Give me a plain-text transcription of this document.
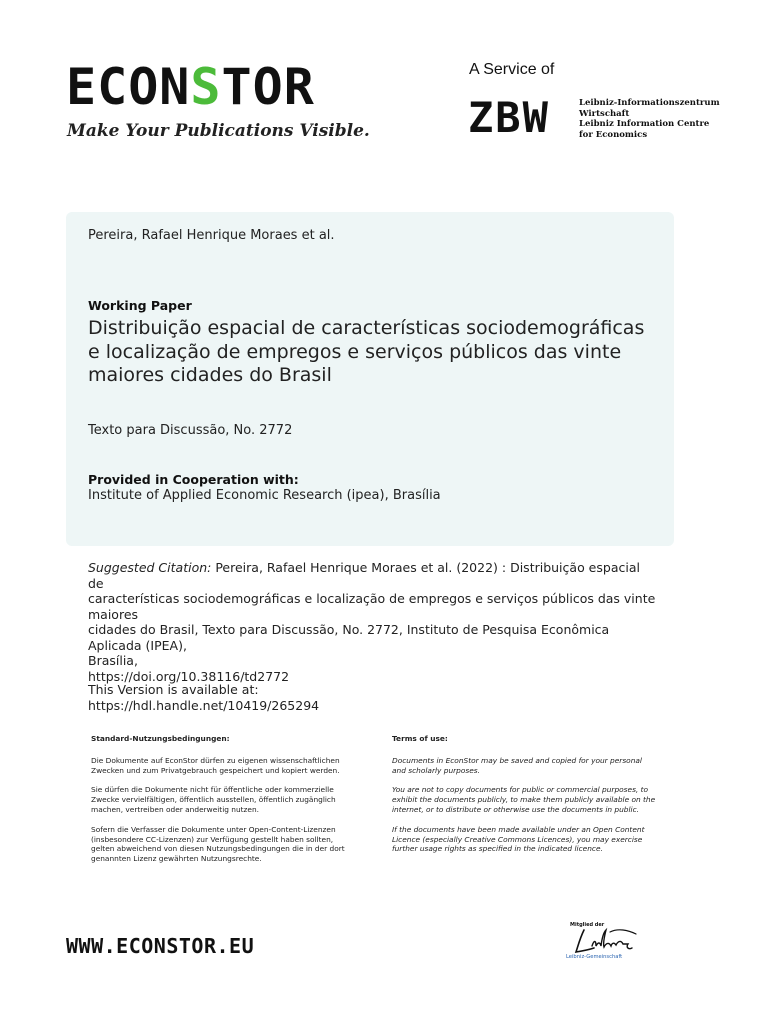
ECONSTOR
Make Your Publications Visible.
A Service of
ZBW	Leibniz-Informationszentrum
Wirtschaft
Leibniz Information Centre
for Economics
Pereira, Rafael Henrique Moraes et al.
Working Paper
Distribuição espacial de características sociodemográficas
e localização de empregos e serviços públicos das vinte
maiores cidades do Brasil
Texto para Discussão, No. 2772
Provided in Cooperation with:
Institute of Applied Economic Research (ipea), Brasília
Suggested Citation: Pereira, Rafael Henrique Moraes et al. (2022) : Distribuição espacial de
características sociodemográficas e localização de empregos e serviços públicos das vinte maiores
cidades do Brasil, Texto para Discussão, No. 2772, Instituto de Pesquisa Econômica Aplicada (IPEA),
Brasília,
https://doi.org/10.38116/td2772
This Version is available at:
https://hdl.handle.net/10419/265294
Standard-Nutzungsbedingungen:

Die Dokumente auf EconStor dürfen zu eigenen wissenschaftlichen
Zwecken und zum Privatgebrauch gespeichert und kopiert werden.

Sie dürfen die Dokumente nicht für öffentliche oder kommerzielle
Zwecke vervielfältigen, öffentlich ausstellen, öffentlich zugänglich
machen, vertreiben oder anderweitig nutzen.

Sofern die Verfasser die Dokumente unter Open-Content-Lizenzen
(insbesondere CC-Lizenzen) zur Verfügung gestellt haben sollten,
gelten abweichend von diesen Nutzungsbedingungen die in der dort
genannten Lizenz gewährten Nutzungsrechte.

Terms of use:

Documents in EconStor may be saved and copied for your personal
and scholarly purposes.

You are not to copy documents for public or commercial purposes, to
exhibit the documents publicly, to make them publicly available on the
internet, or to distribute or otherwise use the documents in public.

If the documents have been made available under an Open Content
Licence (especially Creative Commons Licences), you may exercise
further usage rights as specified in the indicated licence.

WWW.ECONSTOR.EU
Mitglied der
Leibniz-Gemeinschaft
